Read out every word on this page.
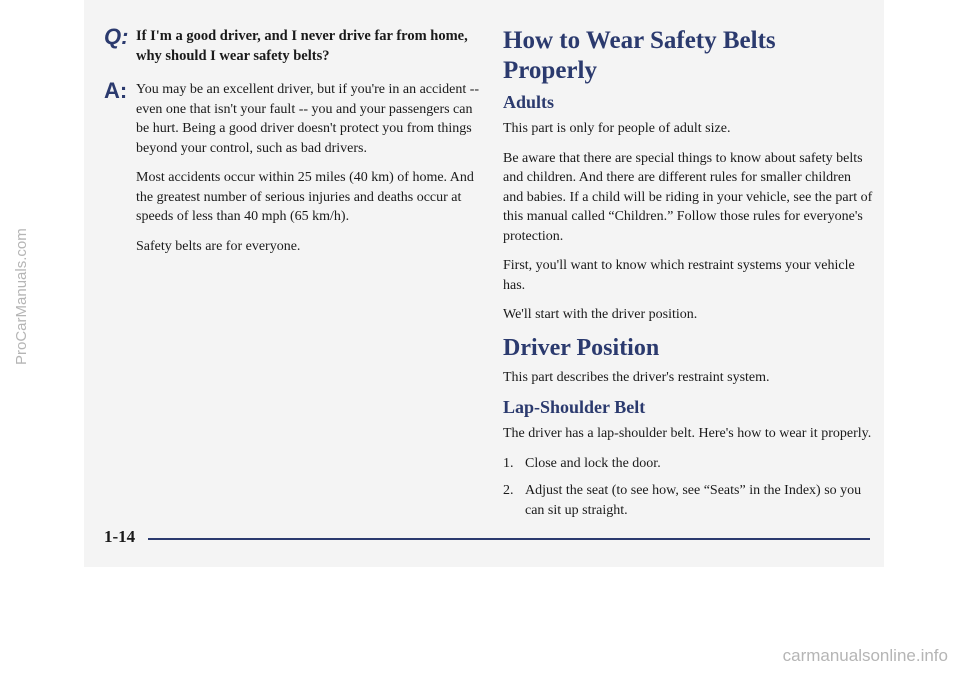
ProCarManuals.com
Q: If I'm a good driver, and I never drive far from home, why should I wear safety belts?

A: You may be an excellent driver, but if you're in an accident -- even one that isn't your fault -- you and your passengers can be hurt. Being a good driver doesn't protect you from things beyond your control, such as bad drivers.

Most accidents occur within 25 miles (40 km) of home. And the greatest number of serious injuries and deaths occur at speeds of less than 40 mph (65 km/h).

Safety belts are for everyone.

How to Wear Safety Belts Properly
Adults

This part is only for people of adult size.

Be aware that there are special things to know about safety belts and children. And there are different rules for smaller children and babies. If a child will be riding in your vehicle, see the part of this manual called “Children.” Follow those rules for everyone's protection.

First, you'll want to know which restraint systems your vehicle has.

We'll start with the driver position.

Driver Position

This part describes the driver's restraint system.

Lap-Shoulder Belt

The driver has a lap-shoulder belt. Here's how to wear it properly.

1. Close and lock the door.
2. Adjust the seat (to see how, see “Seats” in the Index) so you can sit up straight.
1-14
carmanualsonline.info
